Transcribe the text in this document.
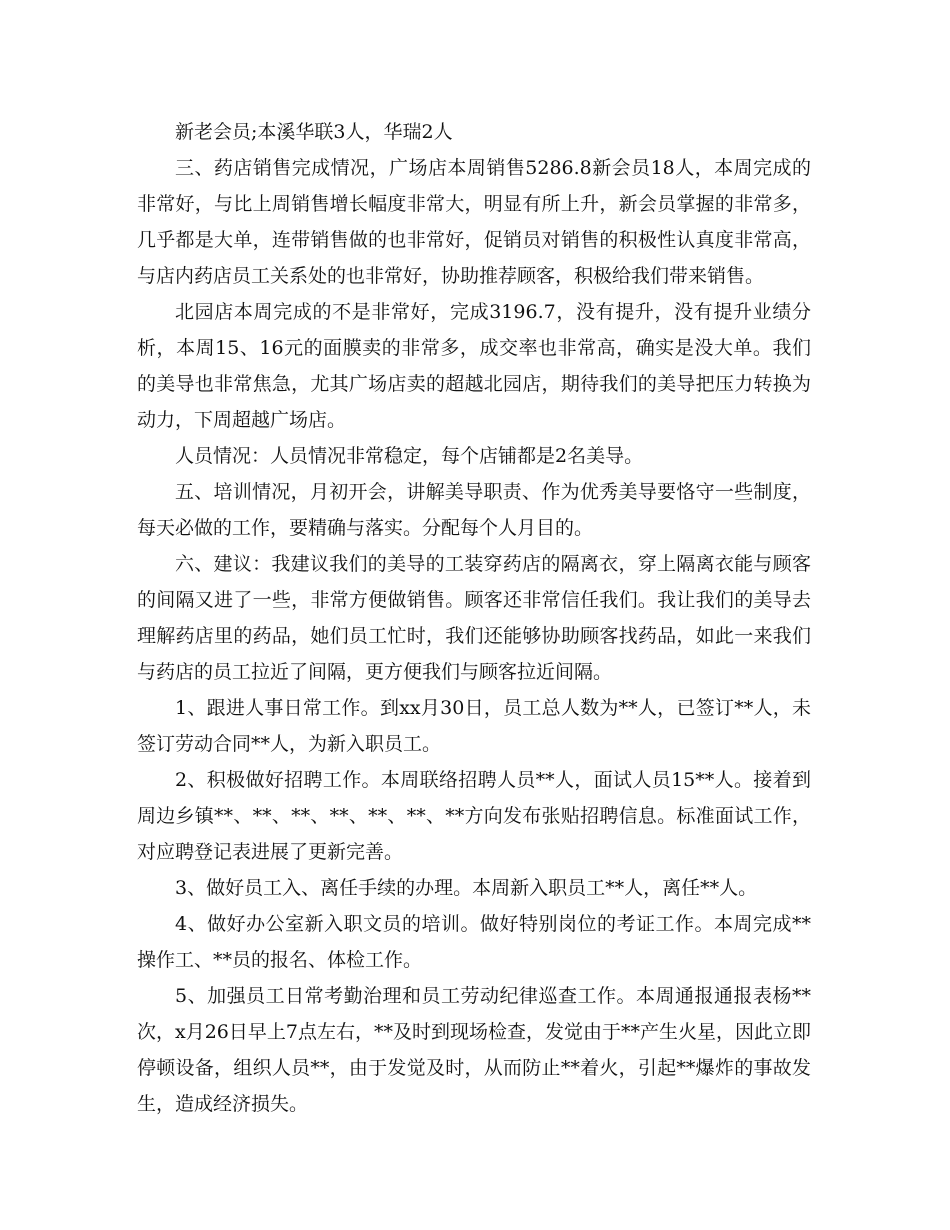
新老会员;本溪华联3人，华瑞2人

三、药店销售完成情况，广场店本周销售5286.8新会员18人，本周完成的非常好，与比上周销售增长幅度非常大，明显有所上升，新会员掌握的非常多，几乎都是大单，连带销售做的也非常好，促销员对销售的积极性认真度非常高，与店内药店员工关系处的也非常好，协助推荐顾客，积极给我们带来销售。

北园店本周完成的不是非常好，完成3196.7，没有提升，没有提升业绩分析，本周15、16元的面膜卖的非常多，成交率也非常高，确实是没大单。我们的美导也非常焦急，尤其广场店卖的超越北园店，期待我们的美导把压力转换为动力，下周超越广场店。

人员情况：人员情况非常稳定，每个店铺都是2名美导。

五、培训情况，月初开会，讲解美导职责、作为优秀美导要恪守一些制度，每天必做的工作，要精确与落实。分配每个人月目的。

六、建议：我建议我们的美导的工装穿药店的隔离衣，穿上隔离衣能与顾客的间隔又进了一些，非常方便做销售。顾客还非常信任我们。我让我们的美导去理解药店里的药品，她们员工忙时，我们还能够协助顾客找药品，如此一来我们与药店的员工拉近了间隔，更方便我们与顾客拉近间隔。

1、跟进人事日常工作。到xx月30日，员工总人数为**人，已签订**人，未签订劳动合同**人，为新入职员工。

2、积极做好招聘工作。本周联络招聘人员**人，面试人员15**人。接着到周边乡镇**、**、**、**、**、**、**方向发布张贴招聘信息。标准面试工作，对应聘登记表进展了更新完善。

3、做好员工入、离任手续的办理。本周新入职员工**人，离任**人。

4、做好办公室新入职文员的培训。做好特别岗位的考证工作。本周完成**操作工、**员的报名、体检工作。

5、加强员工日常考勤治理和员工劳动纪律巡查工作。本周通报通报表杨**次，x月26日早上7点左右，**及时到现场检查，发觉由于**产生火星，因此立即停顿设备，组织人员**，由于发觉及时，从而防止**着火，引起**爆炸的事故发生，造成经济损失。
